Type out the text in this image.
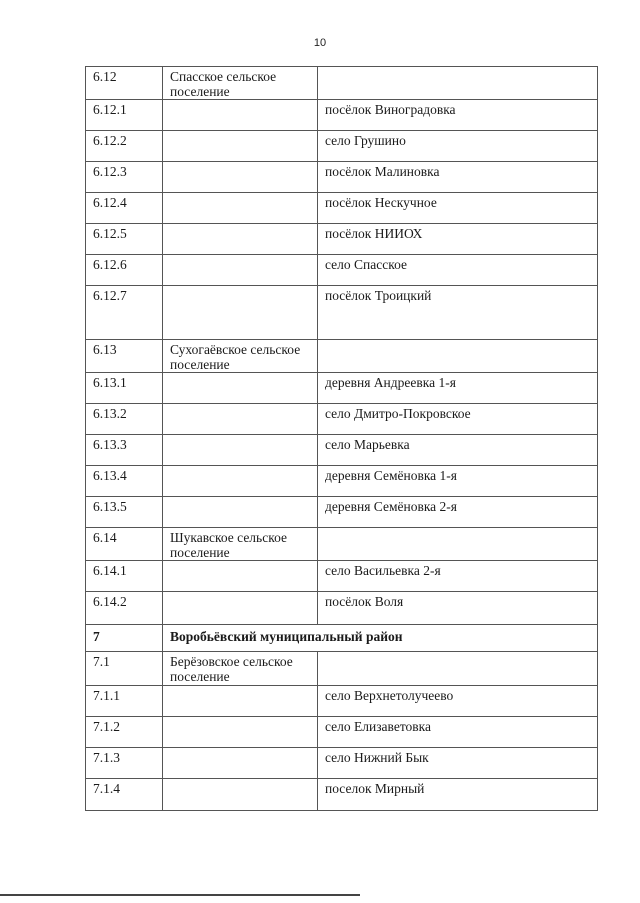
10
6.12	Спасское сельское поселение	
6.12.1		посёлок Виноградовка
6.12.2		село Грушино
6.12.3		посёлок Малиновка
6.12.4		посёлок Нескучное
6.12.5		посёлок НИИОХ
6.12.6		село Спасское
6.12.7		посёлок Троицкий
6.13	Сухогаёвское сельское поселение	
6.13.1		деревня Андреевка 1-я
6.13.2		село Дмитро-Покровское
6.13.3		село Марьевка
6.13.4		деревня Семёновка 1-я
6.13.5		деревня Семёновка 2-я
6.14	Шукавское сельское поселение	
6.14.1		село Васильевка 2-я
6.14.2		посёлок Воля
7	Воробьёвский муниципальный район	
7.1	Берёзовское сельское поселение	
7.1.1		село Верхнетолучеево
7.1.2		село Елизаветовка
7.1.3		село Нижний Бык
7.1.4		поселок Мирный
